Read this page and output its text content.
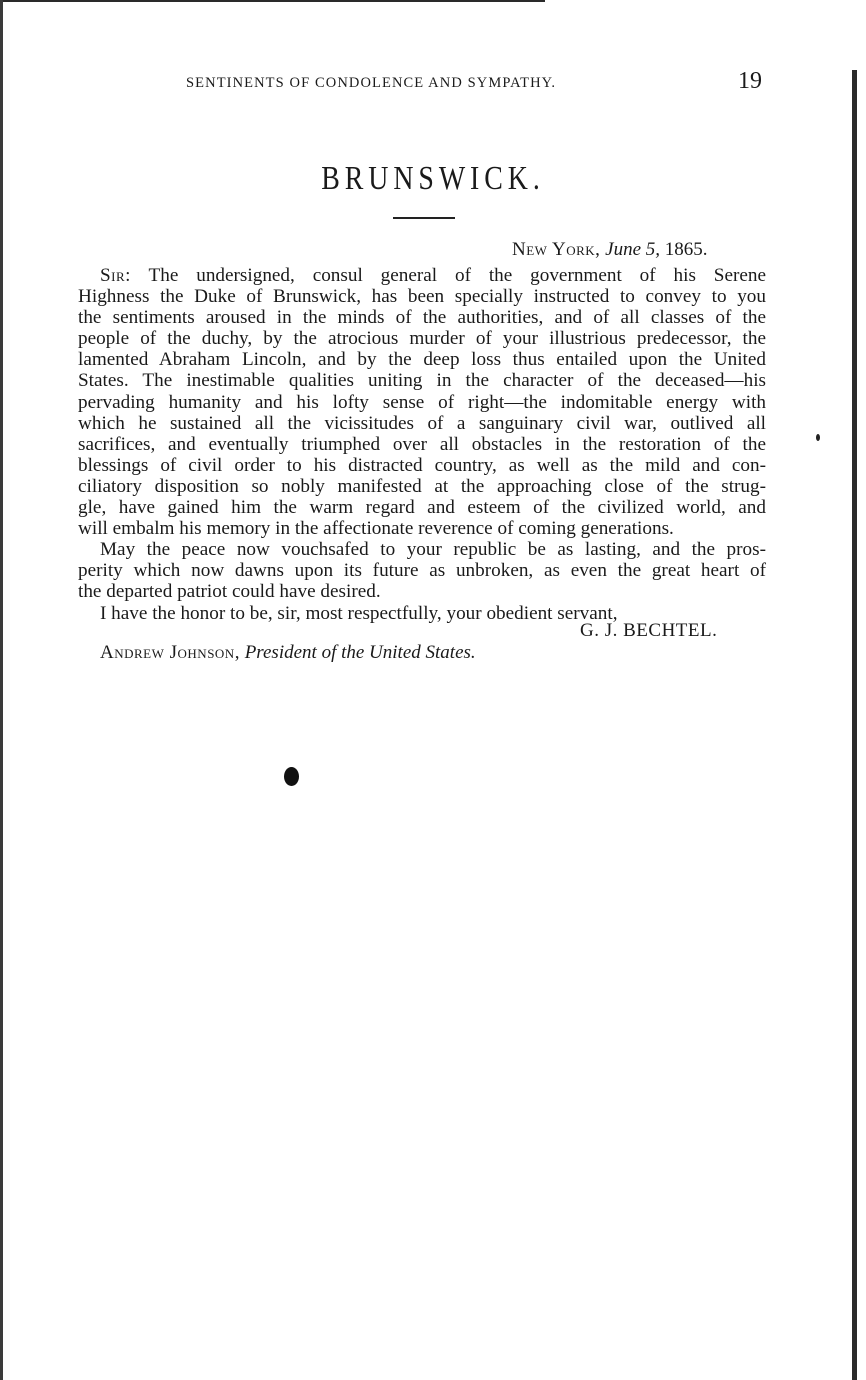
SENTINENTS OF CONDOLENCE AND SYMPATHY.	19
BRUNSWICK.
New York, June 5, 1865.
Sir: The undersigned, consul general of the government of his Serene
Highness the Duke of Brunswick, has been specially instructed to convey to you
the sentiments aroused in the minds of the authorities, and of all classes of the
people of the duchy, by the atrocious murder of your illustrious predecessor, the
lamented Abraham Lincoln, and by the deep loss thus entailed upon the United
States. The inestimable qualities uniting in the character of the deceased—his
pervading humanity and his lofty sense of right—the indomitable energy with
which he sustained all the vicissitudes of a sanguinary civil war, outlived all
sacrifices, and eventually triumphed over all obstacles in the restoration of the
blessings of civil order to his distracted country, as well as the mild and con-
ciliatory disposition so nobly manifested at the approaching close of the strug-
gle, have gained him the warm regard and esteem of the civilized world, and
will embalm his memory in the affectionate reverence of coming generations.
May the peace now vouchsafed to your republic be as lasting, and the pros-
perity which now dawns upon its future as unbroken, as even the great heart of
the departed patriot could have desired.
I have the honor to be, sir, most respectfully, your obedient servant,
G. J. BECHTEL.
Andrew Johnson, President of the United States.
